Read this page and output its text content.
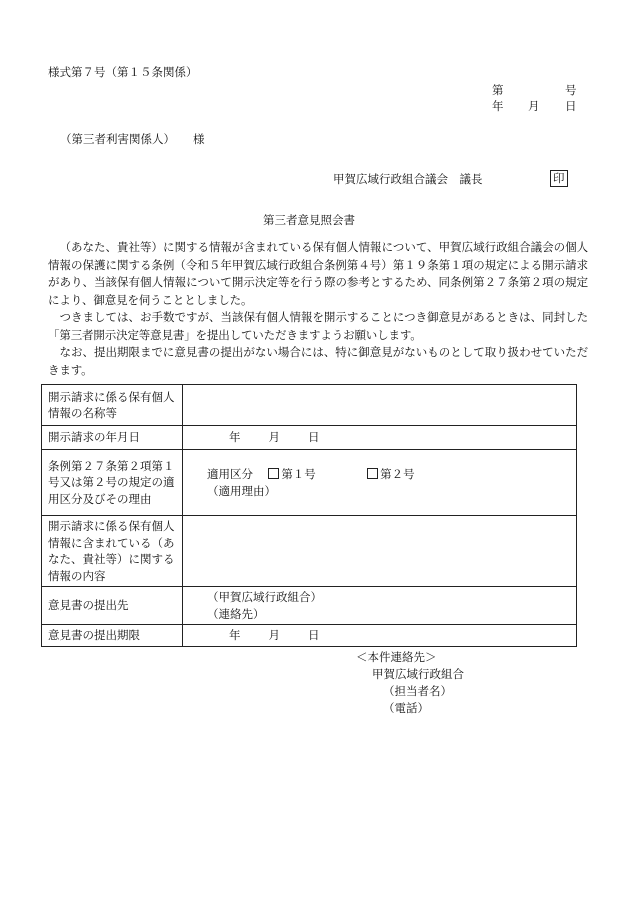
様式第７号（第１５条関係）
第	号
年 月 日
（第三者利害関係人） 様
甲賀広域行政組合議会　議長	印
第三者意見照会書

（あなた、貴社等）に関する情報が含まれている保有個人情報について、甲賀広域行政組合議会の個人情報の保護に関する条例（令和５年甲賀広域行政組合条例第４号）第１９条第１項の規定による開示請求があり、当該保有個人情報について開示決定等を行う際の参考とするため、同条例第２７条第２項の規定により、御意見を伺うこととしました。

つきましては、お手数ですが、当該保有個人情報を開示することにつき御意見があるときは、同封した「第三者開示決定等意見書」を提出していただきますようお願いします。

なお、提出期限までに意見書の提出がない場合には、特に御意見がないものとして取り扱わせていただきます。

開示請求に係る保有個人情報の名称等	
開示請求の年月日	年 月 日
条例第２７条第２項第１号又は第２号の規定の適用区分及びその理由	適用区分 第１号 第２号
（適用理由）

開示請求に係る保有個人情報に含まれている（あなた、貴社等）に関する情報の内容	
意見書の提出先	（甲賀広域行政組合）
（連絡先）

意見書の提出期限	年 月 日
＜本件連絡先＞
甲賀広域行政組合
（担当者名）
（電話）
